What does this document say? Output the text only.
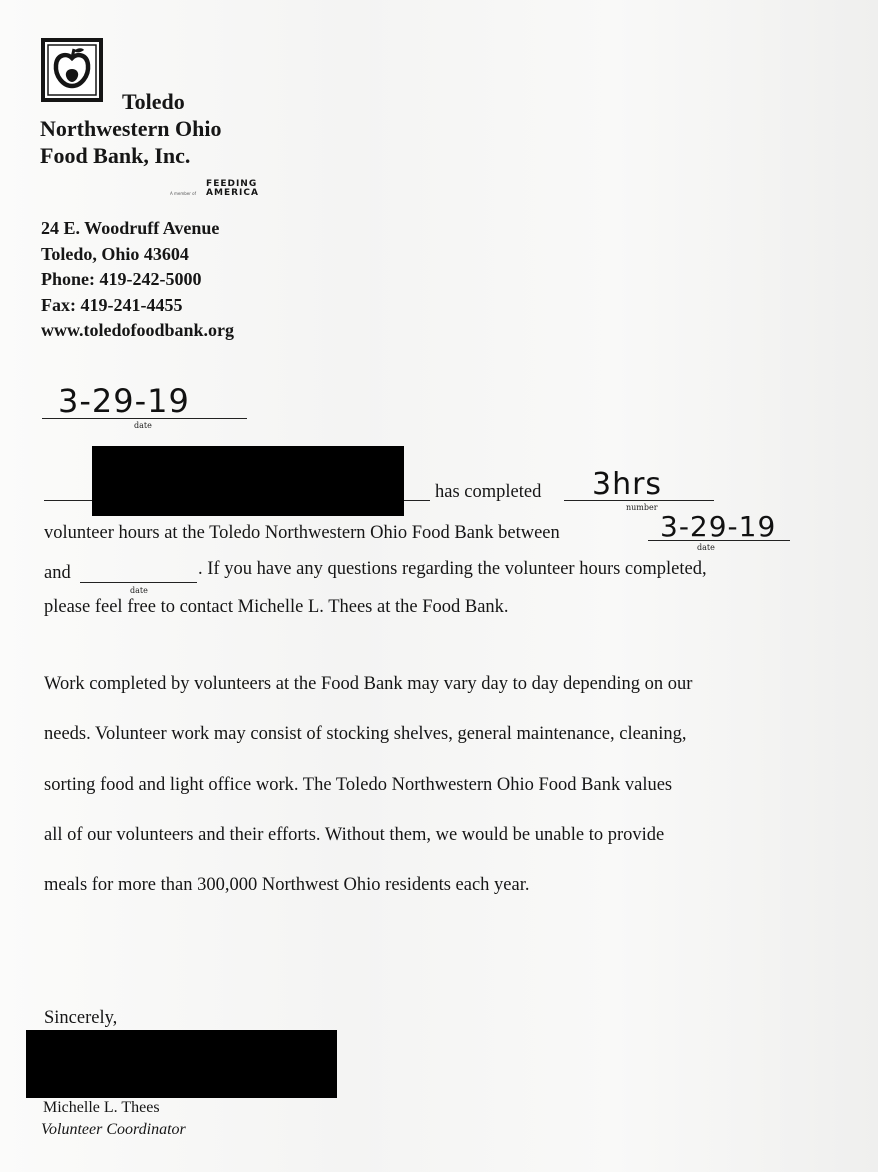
Toledo
Northwestern Ohio
Food Bank, Inc.
A member of FEEDING
AMERICA
24 E. Woodruff Avenue
Toledo, Ohio 43604
Phone: 419-242-5000
Fax: 419-241-4455
www.toledofoodbank.org
3-29-19
date
has completed 3hrs
number
volunteer hours at the Toledo Northwestern Ohio Food Bank between	3-29-19
date
and
date
. If you have any questions regarding the volunteer hours completed,
please feel free to contact Michelle L. Thees at the Food Bank.
Work completed by volunteers at the Food Bank may vary day to day depending on our
needs. Volunteer work may consist of stocking shelves, general maintenance, cleaning,
sorting food and light office work. The Toledo Northwestern Ohio Food Bank values
all of our volunteers and their efforts. Without them, we would be unable to provide
meals for more than 300,000 Northwest Ohio residents each year.
Sincerely,
Michelle L. Thees
Volunteer Coordinator
